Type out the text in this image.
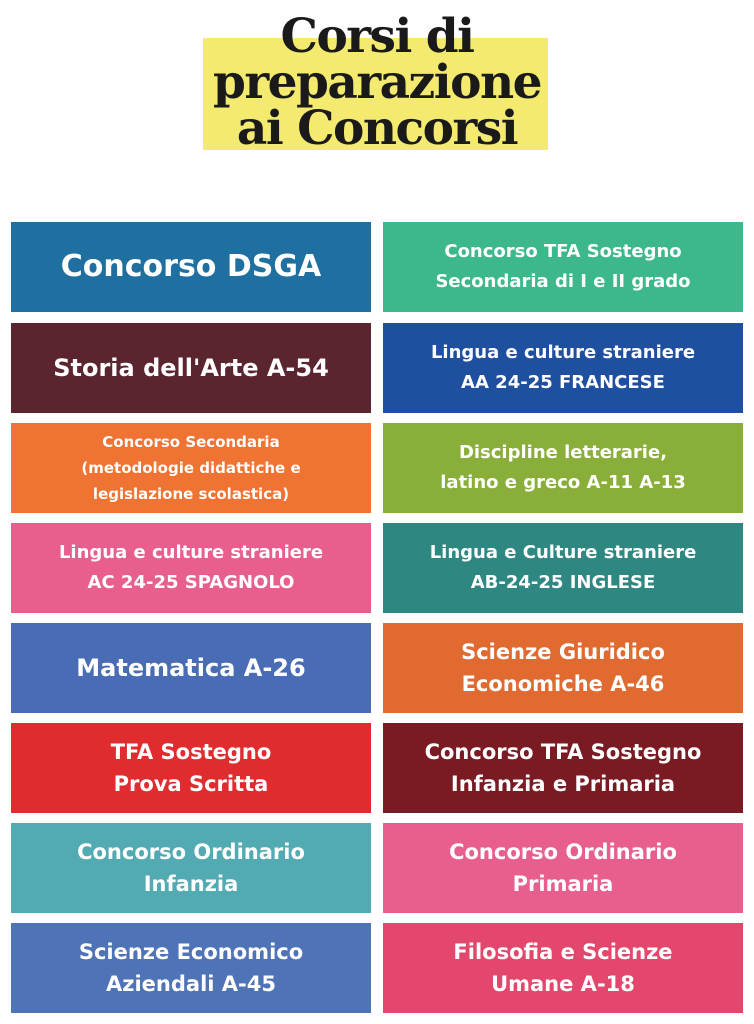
Corsi di
preparazione
ai Concorsi
Concorso DSGA	Concorso TFA Sostegno
Secondaria di I e II grado
Storia dell'Arte A-54
Lingua e culture straniere
AA 24-25 FRANCESE
Concorso Secondaria
(metodologie didattiche e
legislazione scolastica)
Discipline letterarie,
latino e greco A-11 A-13
Lingua e culture straniere
AC 24-25 SPAGNOLO
Lingua e Culture straniere
AB-24-25 INGLESE
Matematica A-26
Scienze Giuridico
Economiche A-46
TFA Sostegno
Prova Scritta
Concorso TFA Sostegno
Infanzia e Primaria
Concorso Ordinario
Infanzia
Concorso Ordinario
Primaria
Scienze Economico
Aziendali A-45
Filosofia e Scienze
Umane A-18
